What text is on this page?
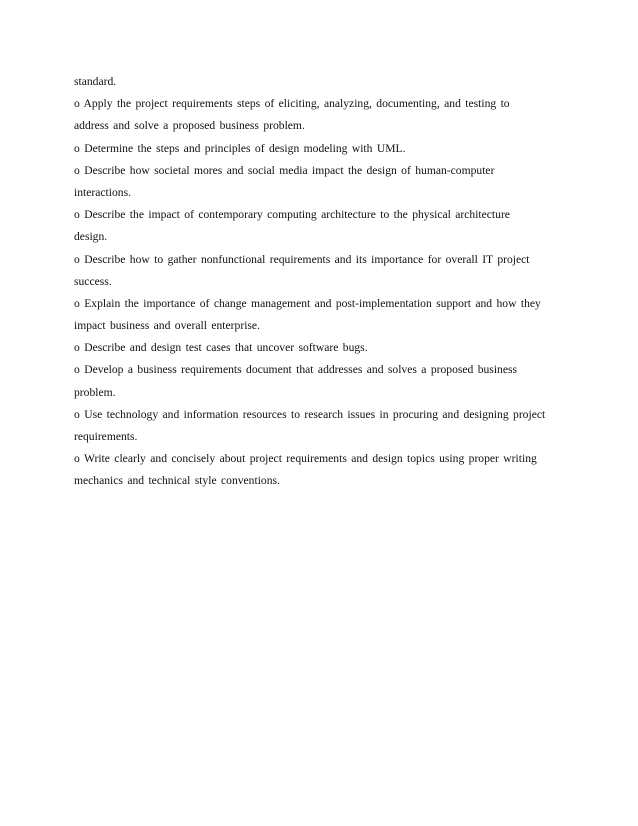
standard.

o Apply the project requirements steps of eliciting, analyzing, documenting, and testing to

address and solve a proposed business problem.

o Determine the steps and principles of design modeling with UML.

o Describe how societal mores and social media impact the design of human-computer

interactions.

o Describe the impact of contemporary computing architecture to the physical architecture

design.

o Describe how to gather nonfunctional requirements and its importance for overall IT project

success.

o Explain the importance of change management and post-implementation support and how they

impact business and overall enterprise.

o Describe and design test cases that uncover software bugs.

o Develop a business requirements document that addresses and solves a proposed business

problem.

o Use technology and information resources to research issues in procuring and designing project

requirements.

o Write clearly and concisely about project requirements and design topics using proper writing

mechanics and technical style conventions.
